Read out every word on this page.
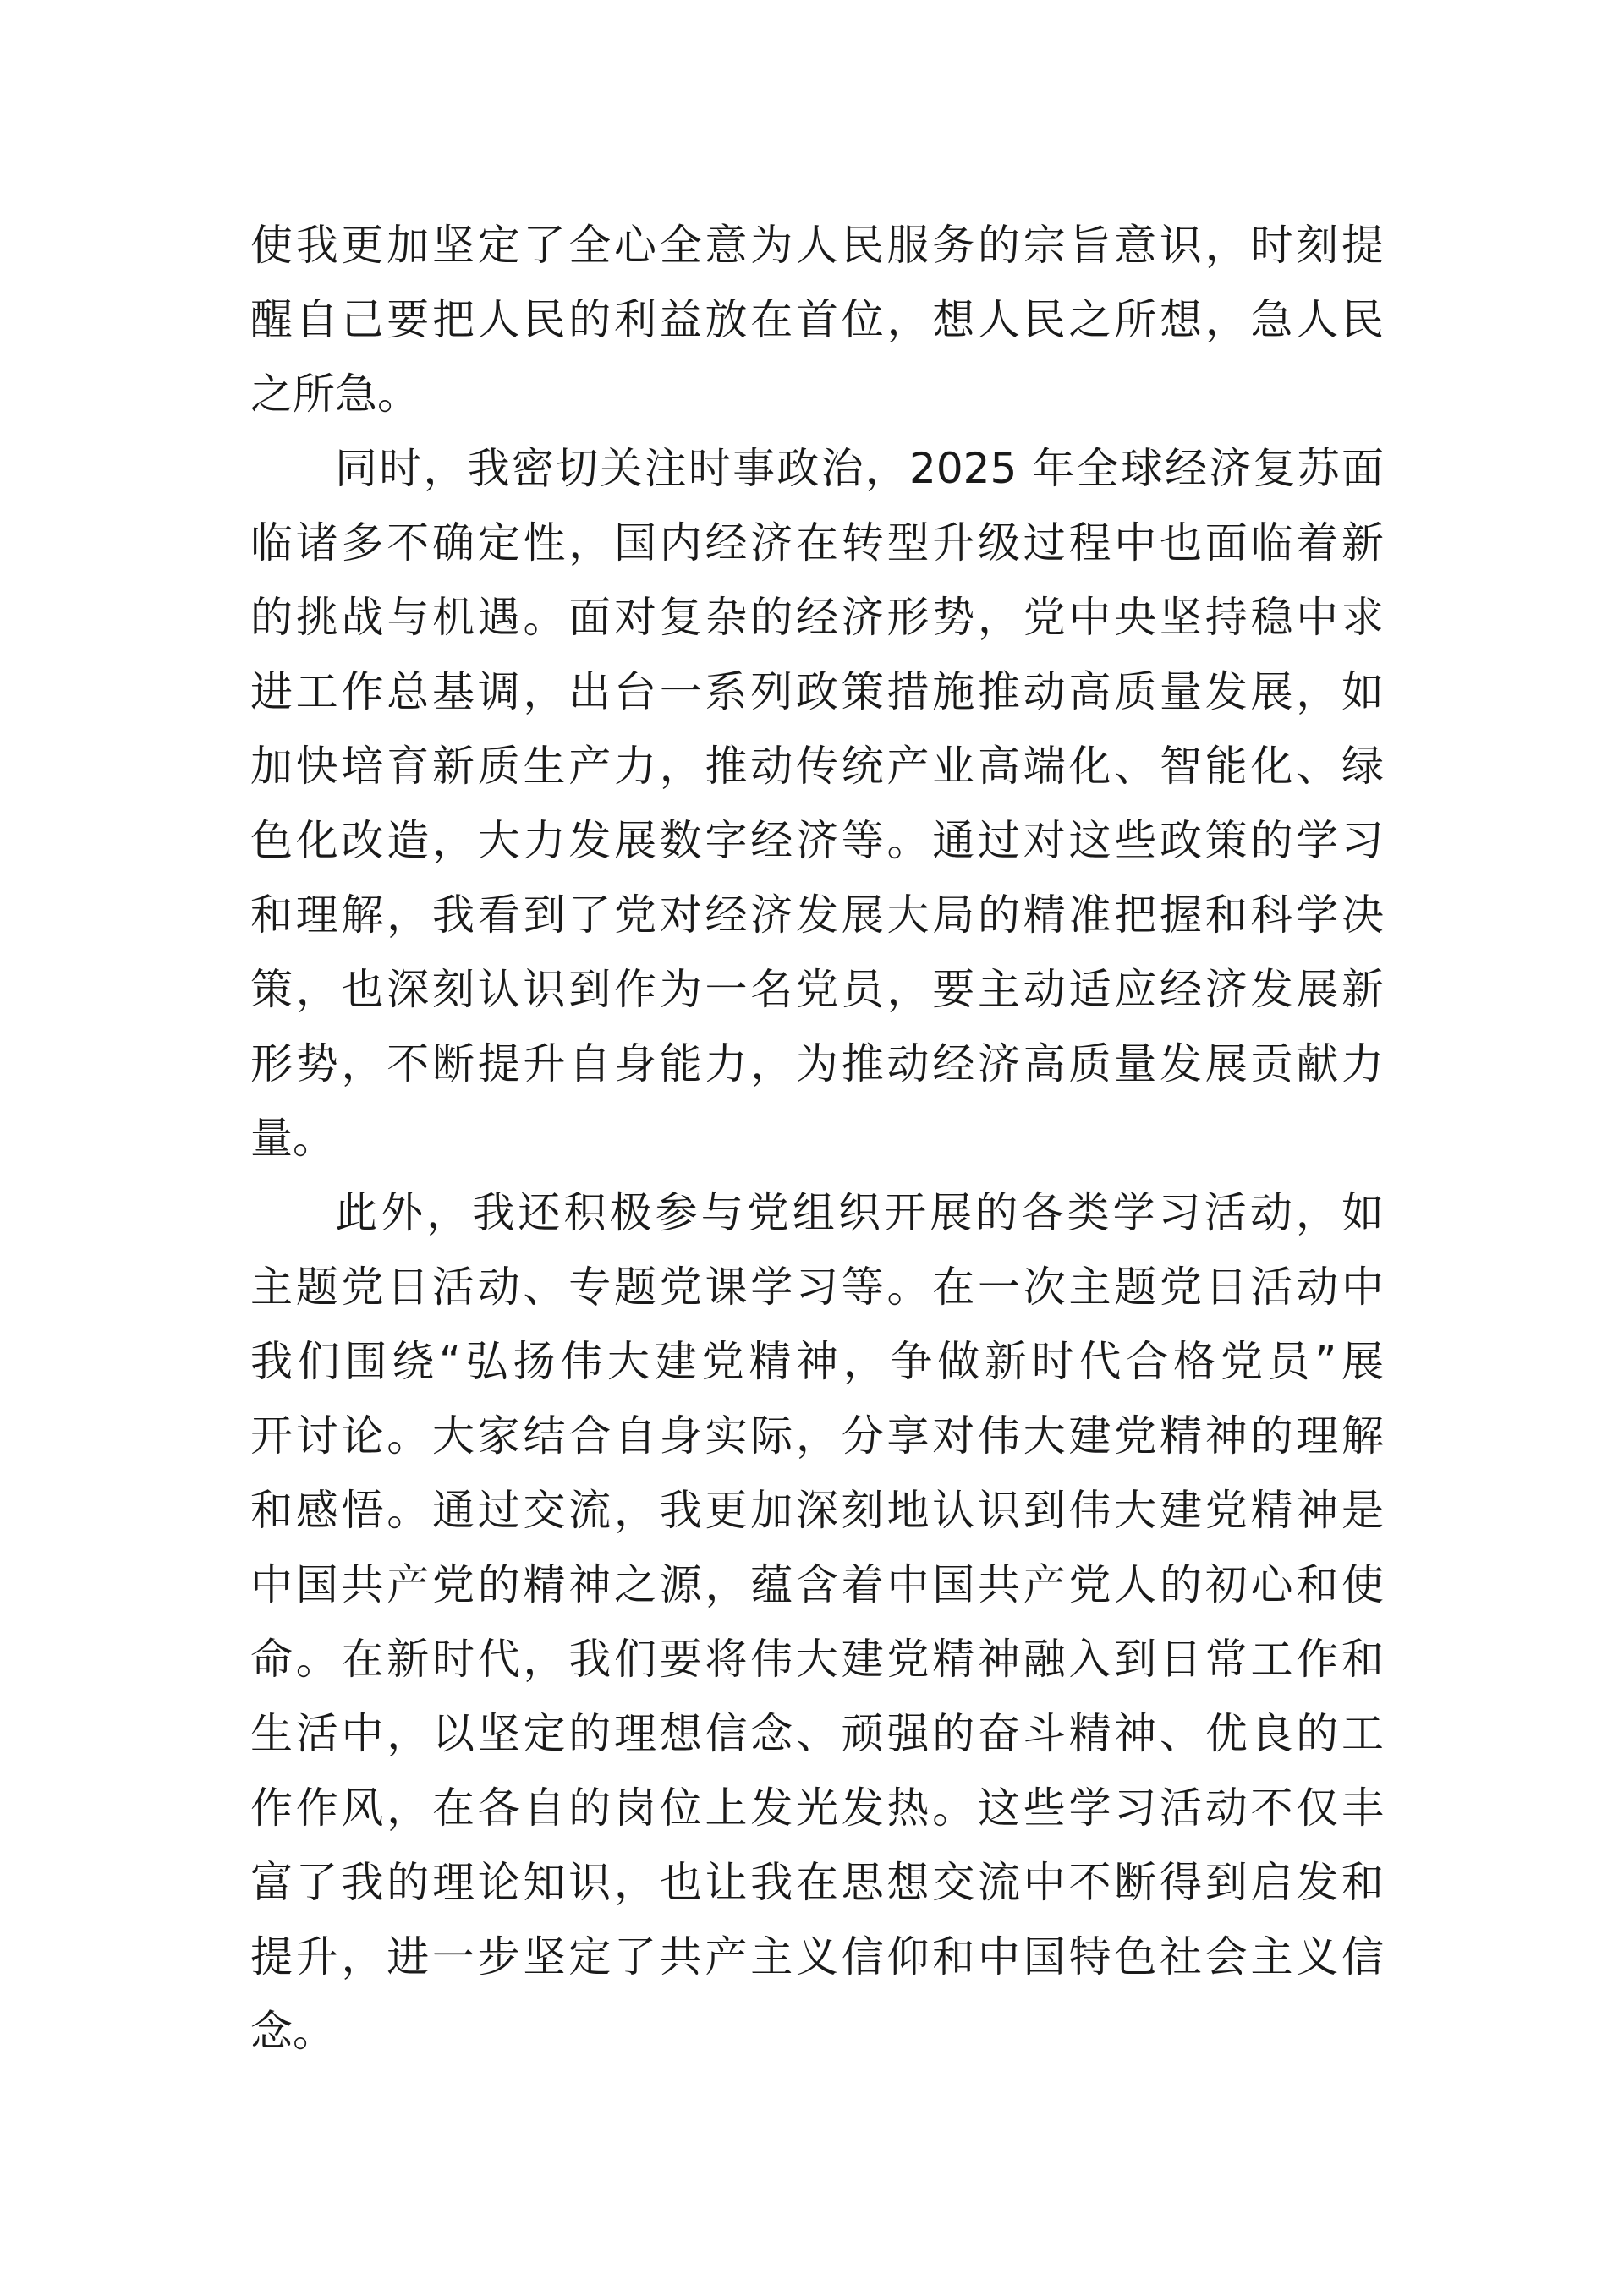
使我更加坚定了全心全意为人民服务的宗旨意识，时刻提
醒自己要把人民的利益放在首位，想人民之所想，急人民
之所急。
同时，我密切关注时事政治，2025 年全球经济复苏面
临诸多不确定性，国内经济在转型升级过程中也面临着新
的挑战与机遇。面对复杂的经济形势，党中央坚持稳中求
进工作总基调，出台一系列政策措施推动高质量发展，如
加快培育新质生产力，推动传统产业高端化、智能化、绿
色化改造，大力发展数字经济等。通过对这些政策的学习
和理解，我看到了党对经济发展大局的精准把握和科学决
策，也深刻认识到作为一名党员，要主动适应经济发展新
形势，不断提升自身能力，为推动经济高质量发展贡献力
量。
此外，我还积极参与党组织开展的各类学习活动，如
主题党日活动、专题党课学习等。在一次主题党日活动中
我们围绕“弘扬伟大建党精神，争做新时代合格党员”展
开讨论。大家结合自身实际，分享对伟大建党精神的理解
和感悟。通过交流，我更加深刻地认识到伟大建党精神是
中国共产党的精神之源，蕴含着中国共产党人的初心和使
命。在新时代，我们要将伟大建党精神融入到日常工作和
生活中，以坚定的理想信念、顽强的奋斗精神、优良的工
作作风，在各自的岗位上发光发热。这些学习活动不仅丰
富了我的理论知识，也让我在思想交流中不断得到启发和
提升，进一步坚定了共产主义信仰和中国特色社会主义信
念。
